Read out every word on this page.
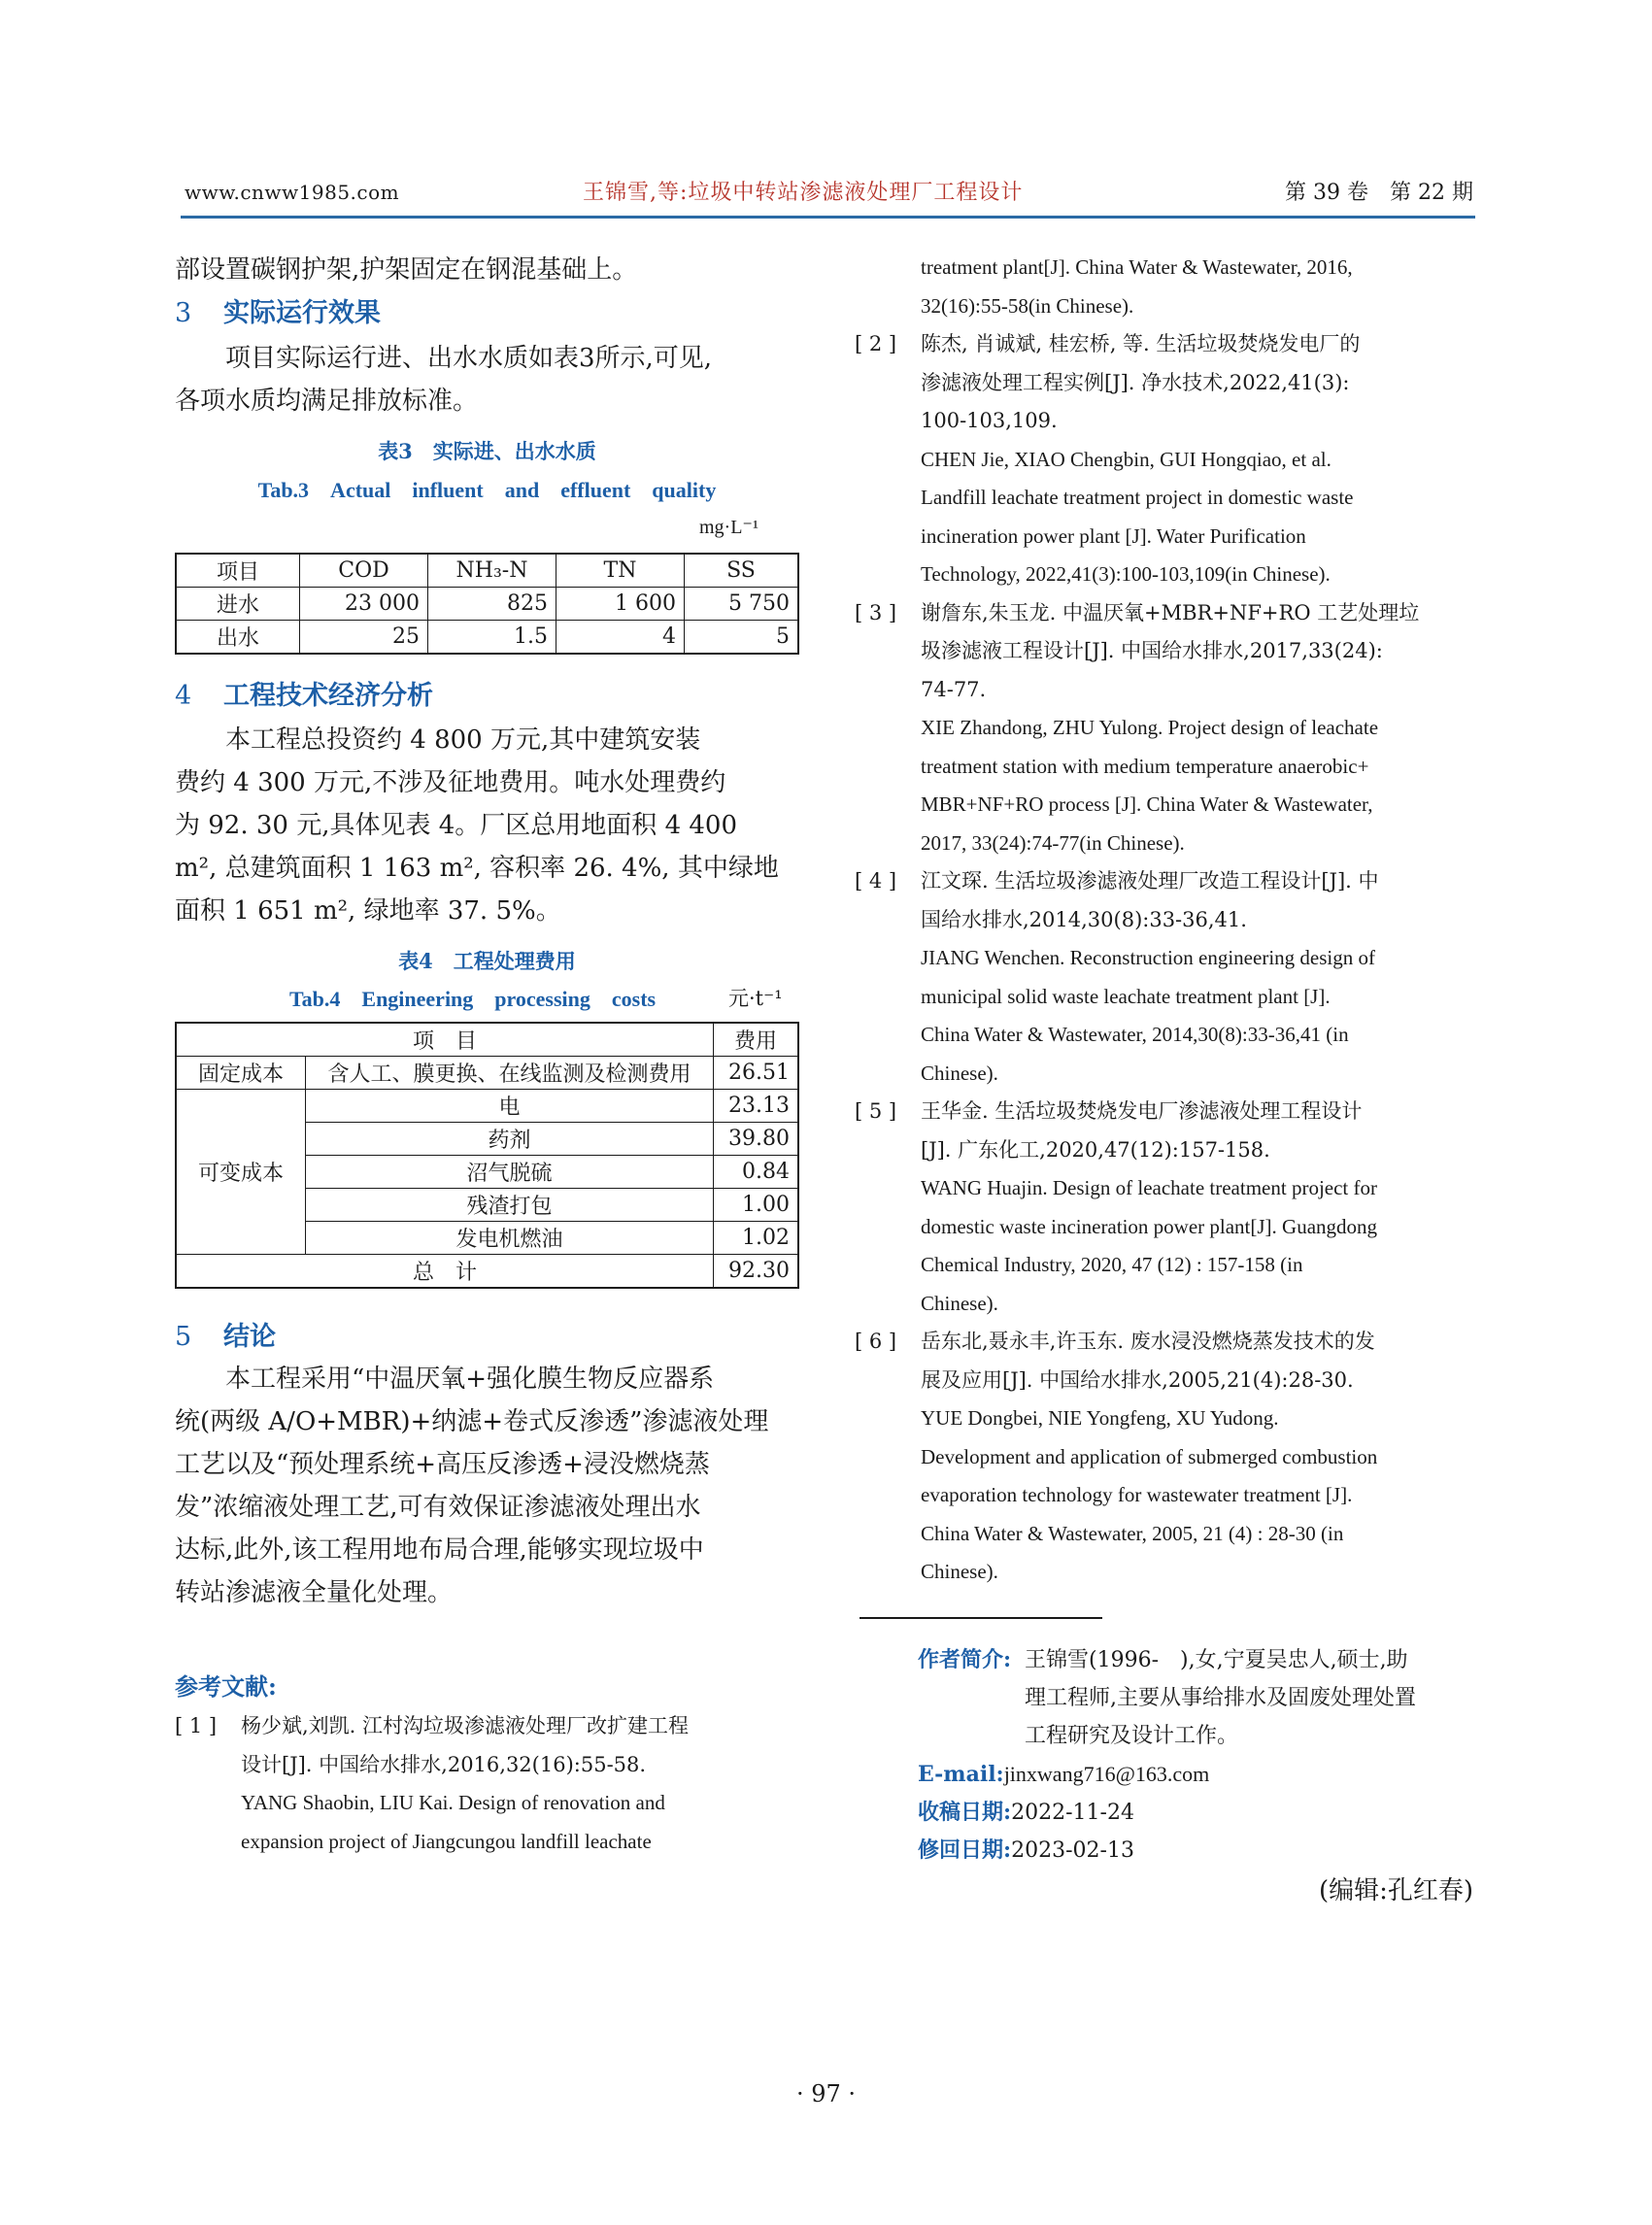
www.cnww1985.com	王锦雪,等:垃圾中转站渗滤液处理厂工程设计	第 39 卷　第 22 期
部设置碳钢护架,护架固定在钢混基础上。
3 实际运行效果
项目实际运行进、出水水质如表3所示,可见,
各项水质均满足排放标准。
表3　实际进、出水水质
Tab.3　Actual　influent　and　effluent　quality
mg·L⁻¹
项目	COD	NH₃-N	TN	SS
进水	23 000	825	1 600	5 750
出水	25	1.5	4	5
4 工程技术经济分析
本工程总投资约 4 800 万元,其中建筑安装
费约 4 300 万元,不涉及征地费用。吨水处理费约
为 92. 30 元,具体见表 4。厂区总用地面积 4 400
m², 总建筑面积 1 163 m², 容积率 26. 4%, 其中绿地
面积 1 651 m², 绿地率 37. 5%。
表4　工程处理费用
Tab.4　Engineering　processing　costs	元·t⁻¹
项　目		费用
固定成本	含人工、膜更换、在线监测及检测费用	26.51
可变成本	电	23.13
	药剂	39.80
	沼气脱硫	0.84
	残渣打包	1.00
	发电机燃油	1.02
总　计		92.30
5 结论
本工程采用“中温厌氧+强化膜生物反应器系
统(两级 A/O+MBR)+纳滤+卷式反渗透”渗滤液处理
工艺以及“预处理系统+高压反渗透+浸没燃烧蒸
发”浓缩液处理工艺,可有效保证渗滤液处理出水
达标,此外,该工程用地布局合理,能够实现垃圾中
转站渗滤液全量化处理。
参考文献:
[ 1 ]	杨少斌,刘凯. 江村沟垃圾渗滤液处理厂改扩建工程
设计[J]. 中国给水排水,2016,32(16):55-58.
YANG Shaobin, LIU Kai. Design of renovation and
expansion project of Jiangcungou landfill leachate
treatment plant[J]. China Water & Wastewater, 2016,
32(16):55-58(in Chinese).
[ 2 ]	陈杰, 肖诚斌, 桂宏桥, 等. 生活垃圾焚烧发电厂的
渗滤液处理工程实例[J]. 净水技术,2022,41(3):
100-103,109.
CHEN Jie, XIAO Chengbin, GUI Hongqiao, et al.
Landfill leachate treatment project in domestic waste
incineration power plant [J]. Water Purification
Technology, 2022,41(3):100-103,109(in Chinese).
[ 3 ]	谢詹东,朱玉龙. 中温厌氧+MBR+NF+RO 工艺处理垃
圾渗滤液工程设计[J]. 中国给水排水,2017,33(24):
74-77.
XIE Zhandong, ZHU Yulong. Project design of leachate
treatment station with medium temperature anaerobic+
MBR+NF+RO process [J]. China Water & Wastewater,
2017, 33(24):74-77(in Chinese).
[ 4 ]	江文琛. 生活垃圾渗滤液处理厂改造工程设计[J]. 中
国给水排水,2014,30(8):33-36,41.
JIANG Wenchen. Reconstruction engineering design of
municipal solid waste leachate treatment plant [J].
China Water & Wastewater, 2014,30(8):33-36,41 (in
Chinese).
[ 5 ]	王华金. 生活垃圾焚烧发电厂渗滤液处理工程设计
[J]. 广东化工,2020,47(12):157-158.
WANG Huajin. Design of leachate treatment project for
domestic waste incineration power plant[J]. Guangdong
Chemical Industry, 2020, 47 (12) : 157-158 (in
Chinese).
[ 6 ]	岳东北,聂永丰,许玉东. 废水浸没燃烧蒸发技术的发
展及应用[J]. 中国给水排水,2005,21(4):28-30.
YUE Dongbei, NIE Yongfeng, XU Yudong.
Development and application of submerged combustion
evaporation technology for wastewater treatment [J].
China Water & Wastewater, 2005, 21 (4) : 28-30 (in
Chinese).
作者简介: 王锦雪(1996-　),女,宁夏吴忠人,硕士,助
理工程师,主要从事给排水及固废处理处置
工程研究及设计工作。
E-mail:jinxwang716@163.com
收稿日期:2022-11-24
修回日期:2023-02-13
(编辑:孔红春)
· 97 ·
